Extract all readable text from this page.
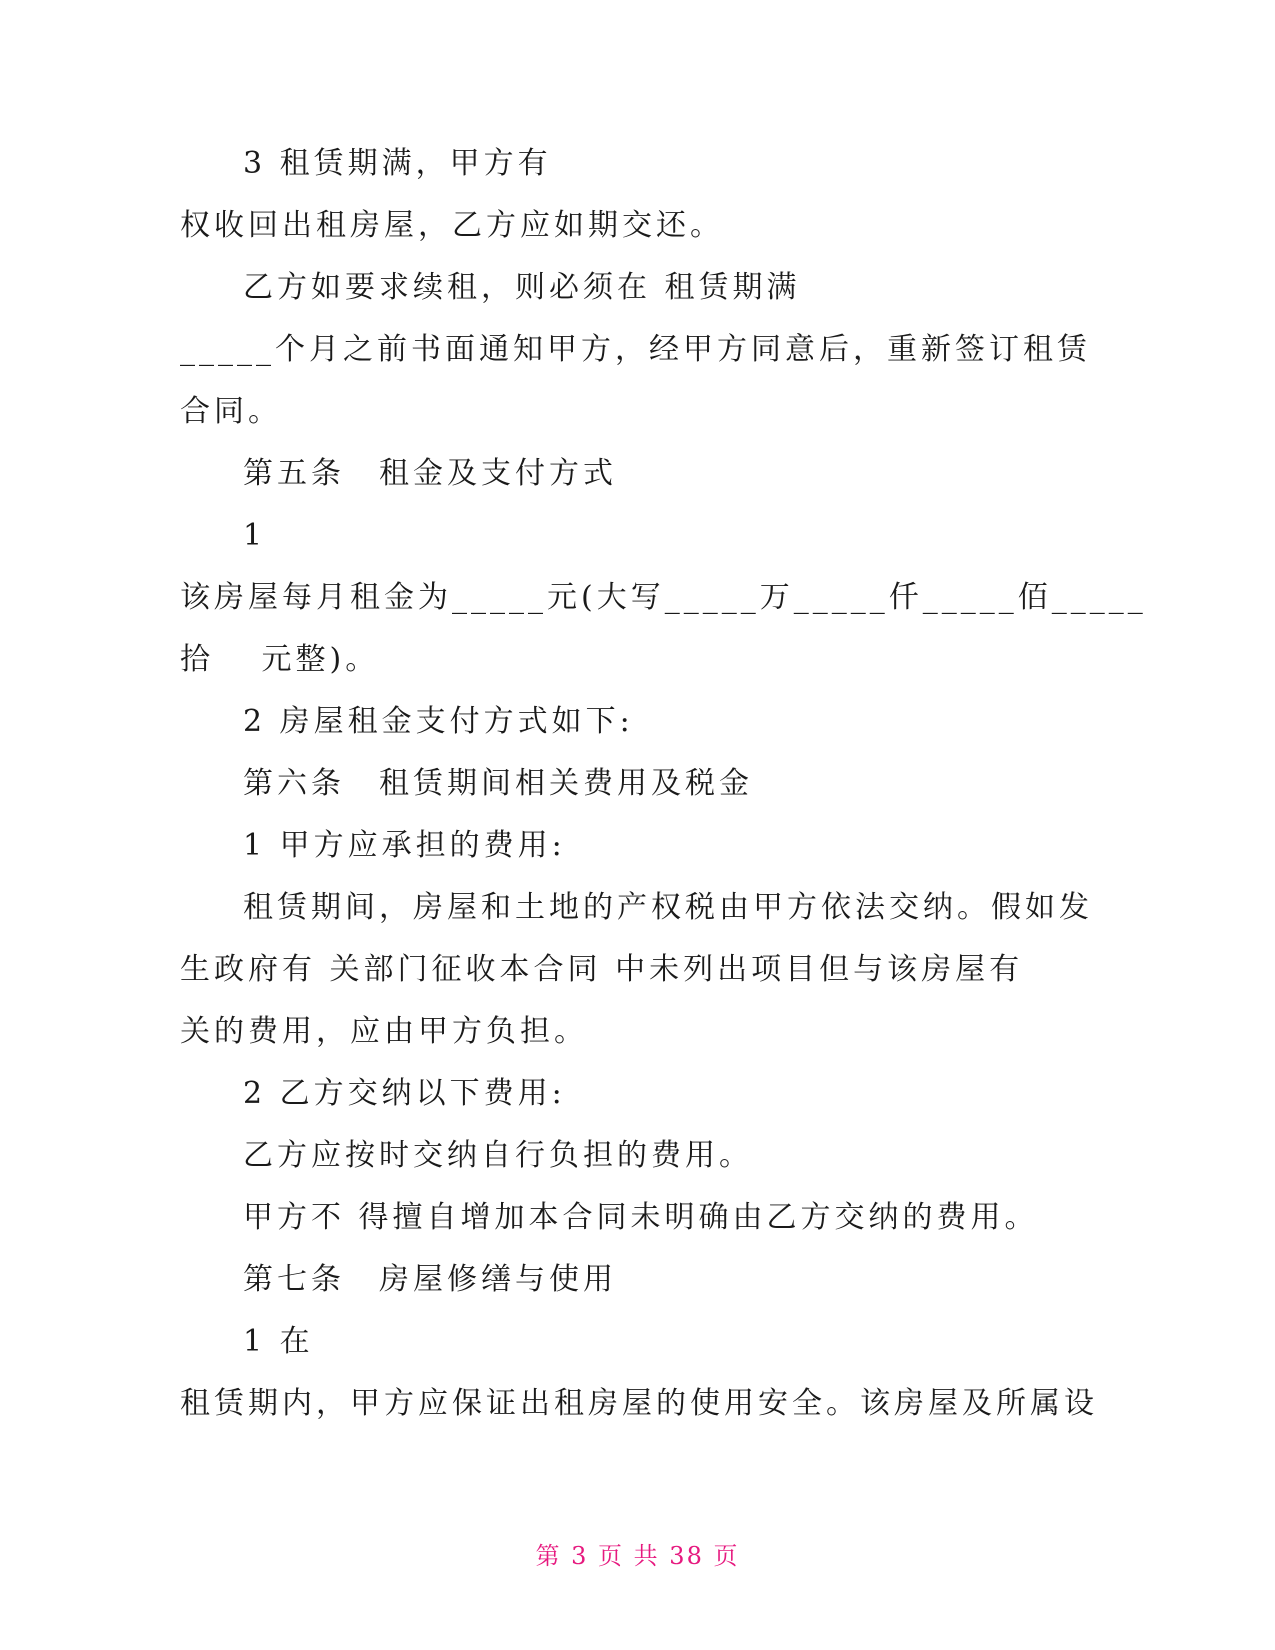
3 租赁期满，甲方有
权收回出租房屋，乙方应如期交还。
乙方如要求续租，则必须在 租赁期满
_____个月之前书面通知甲方，经甲方同意后，重新签订租赁
合同。
第五条　租金及支付方式
1
该房屋每月租金为_____元(大写_____万_____仟_____佰_____
拾　 元整)。
2 房屋租金支付方式如下:
第六条　租赁期间相关费用及税金
1 甲方应承担的费用:
租赁期间，房屋和土地的产权税由甲方依法交纳。假如发
生政府有 关部门征收本合同 中未列出项目但与该房屋有
关的费用，应由甲方负担。
2 乙方交纳以下费用:
乙方应按时交纳自行负担的费用。
甲方不 得擅自增加本合同未明确由乙方交纳的费用。
第七条　房屋修缮与使用
1 在
租赁期内，甲方应保证出租房屋的使用安全。该房屋及所属设
第 3 页 共 38 页
